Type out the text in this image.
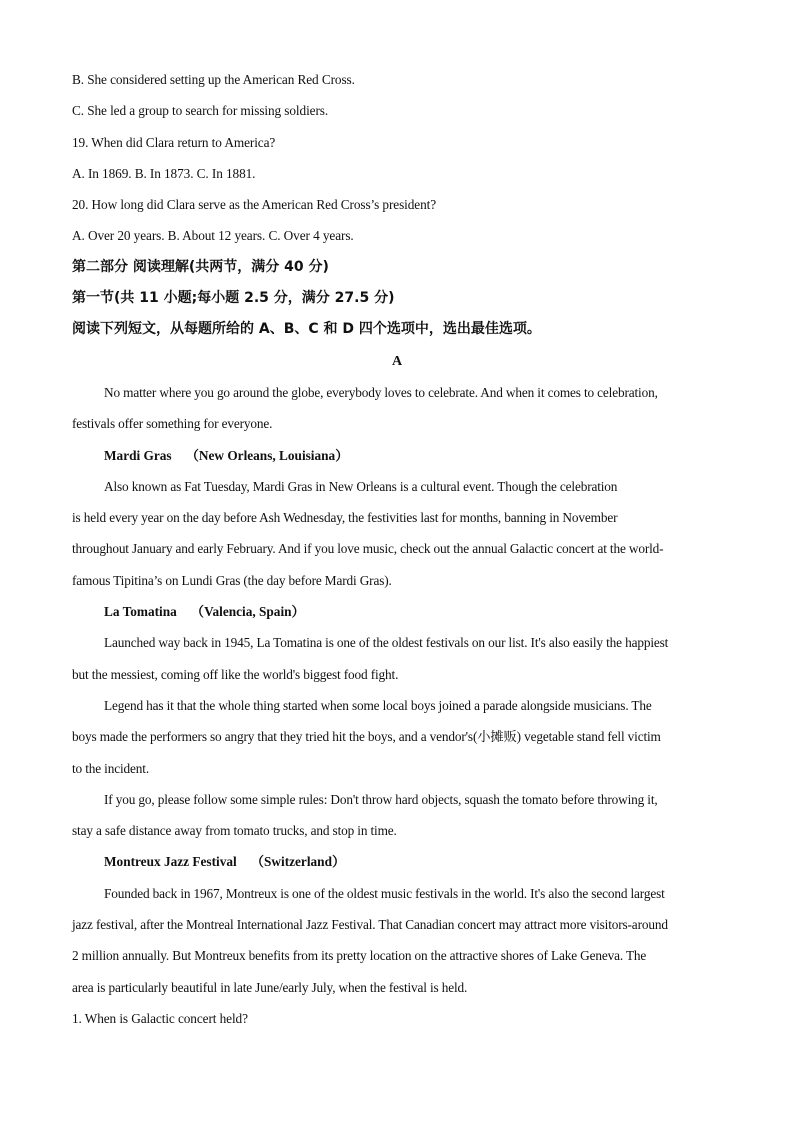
B. She considered setting up the American Red Cross.
C. She led a group to search for missing soldiers.
19. When did Clara return to America?
A. In 1869. B. In 1873. C. In 1881.
20. How long did Clara serve as the American Red Cross’s president?
A. Over 20 years. B. About 12 years. C. Over 4 years.
第二部分 阅读理解(共两节，满分 40 分)
第一节(共 11 小题;每小题 2.5 分，满分 27.5 分)
阅读下列短文，从每题所给的 A、B、C 和 D 四个选项中，选出最佳选项。
A
No matter where you go around the globe, everybody loves to celebrate. And when it comes to celebration,
festivals offer something for everyone.
Mardi Gras （New Orleans, Louisiana）
Also known as Fat Tuesday, Mardi Gras in New Orleans is a cultural event. Though the celebration
is held every year on the day before Ash Wednesday, the festivities last for months, banning in November
throughout January and early February. And if you love music, check out the annual Galactic concert at the world-
famous Tipitina’s on Lundi Gras (the day before Mardi Gras).
La Tomatina （Valencia, Spain）
Launched way back in 1945, La Tomatina is one of the oldest festivals on our list. It's also easily the happiest
but the messiest, coming off like the world's biggest food fight.
Legend has it that the whole thing started when some local boys joined a parade alongside musicians. The
boys made the performers so angry that they tried hit the boys, and a vendor's(小摊贩) vegetable stand fell victim
to the incident.
If you go, please follow some simple rules: Don't throw hard objects, squash the tomato before throwing it,
stay a safe distance away from tomato trucks, and stop in time.
Montreux Jazz Festival （Switzerland）
Founded back in 1967, Montreux is one of the oldest music festivals in the world. It's also the second largest
jazz festival, after the Montreal International Jazz Festival. That Canadian concert may attract more visitors-around
2 million annually. But Montreux benefits from its pretty location on the attractive shores of Lake Geneva. The
area is particularly beautiful in late June/early July, when the festival is held.
1. When is Galactic concert held?
